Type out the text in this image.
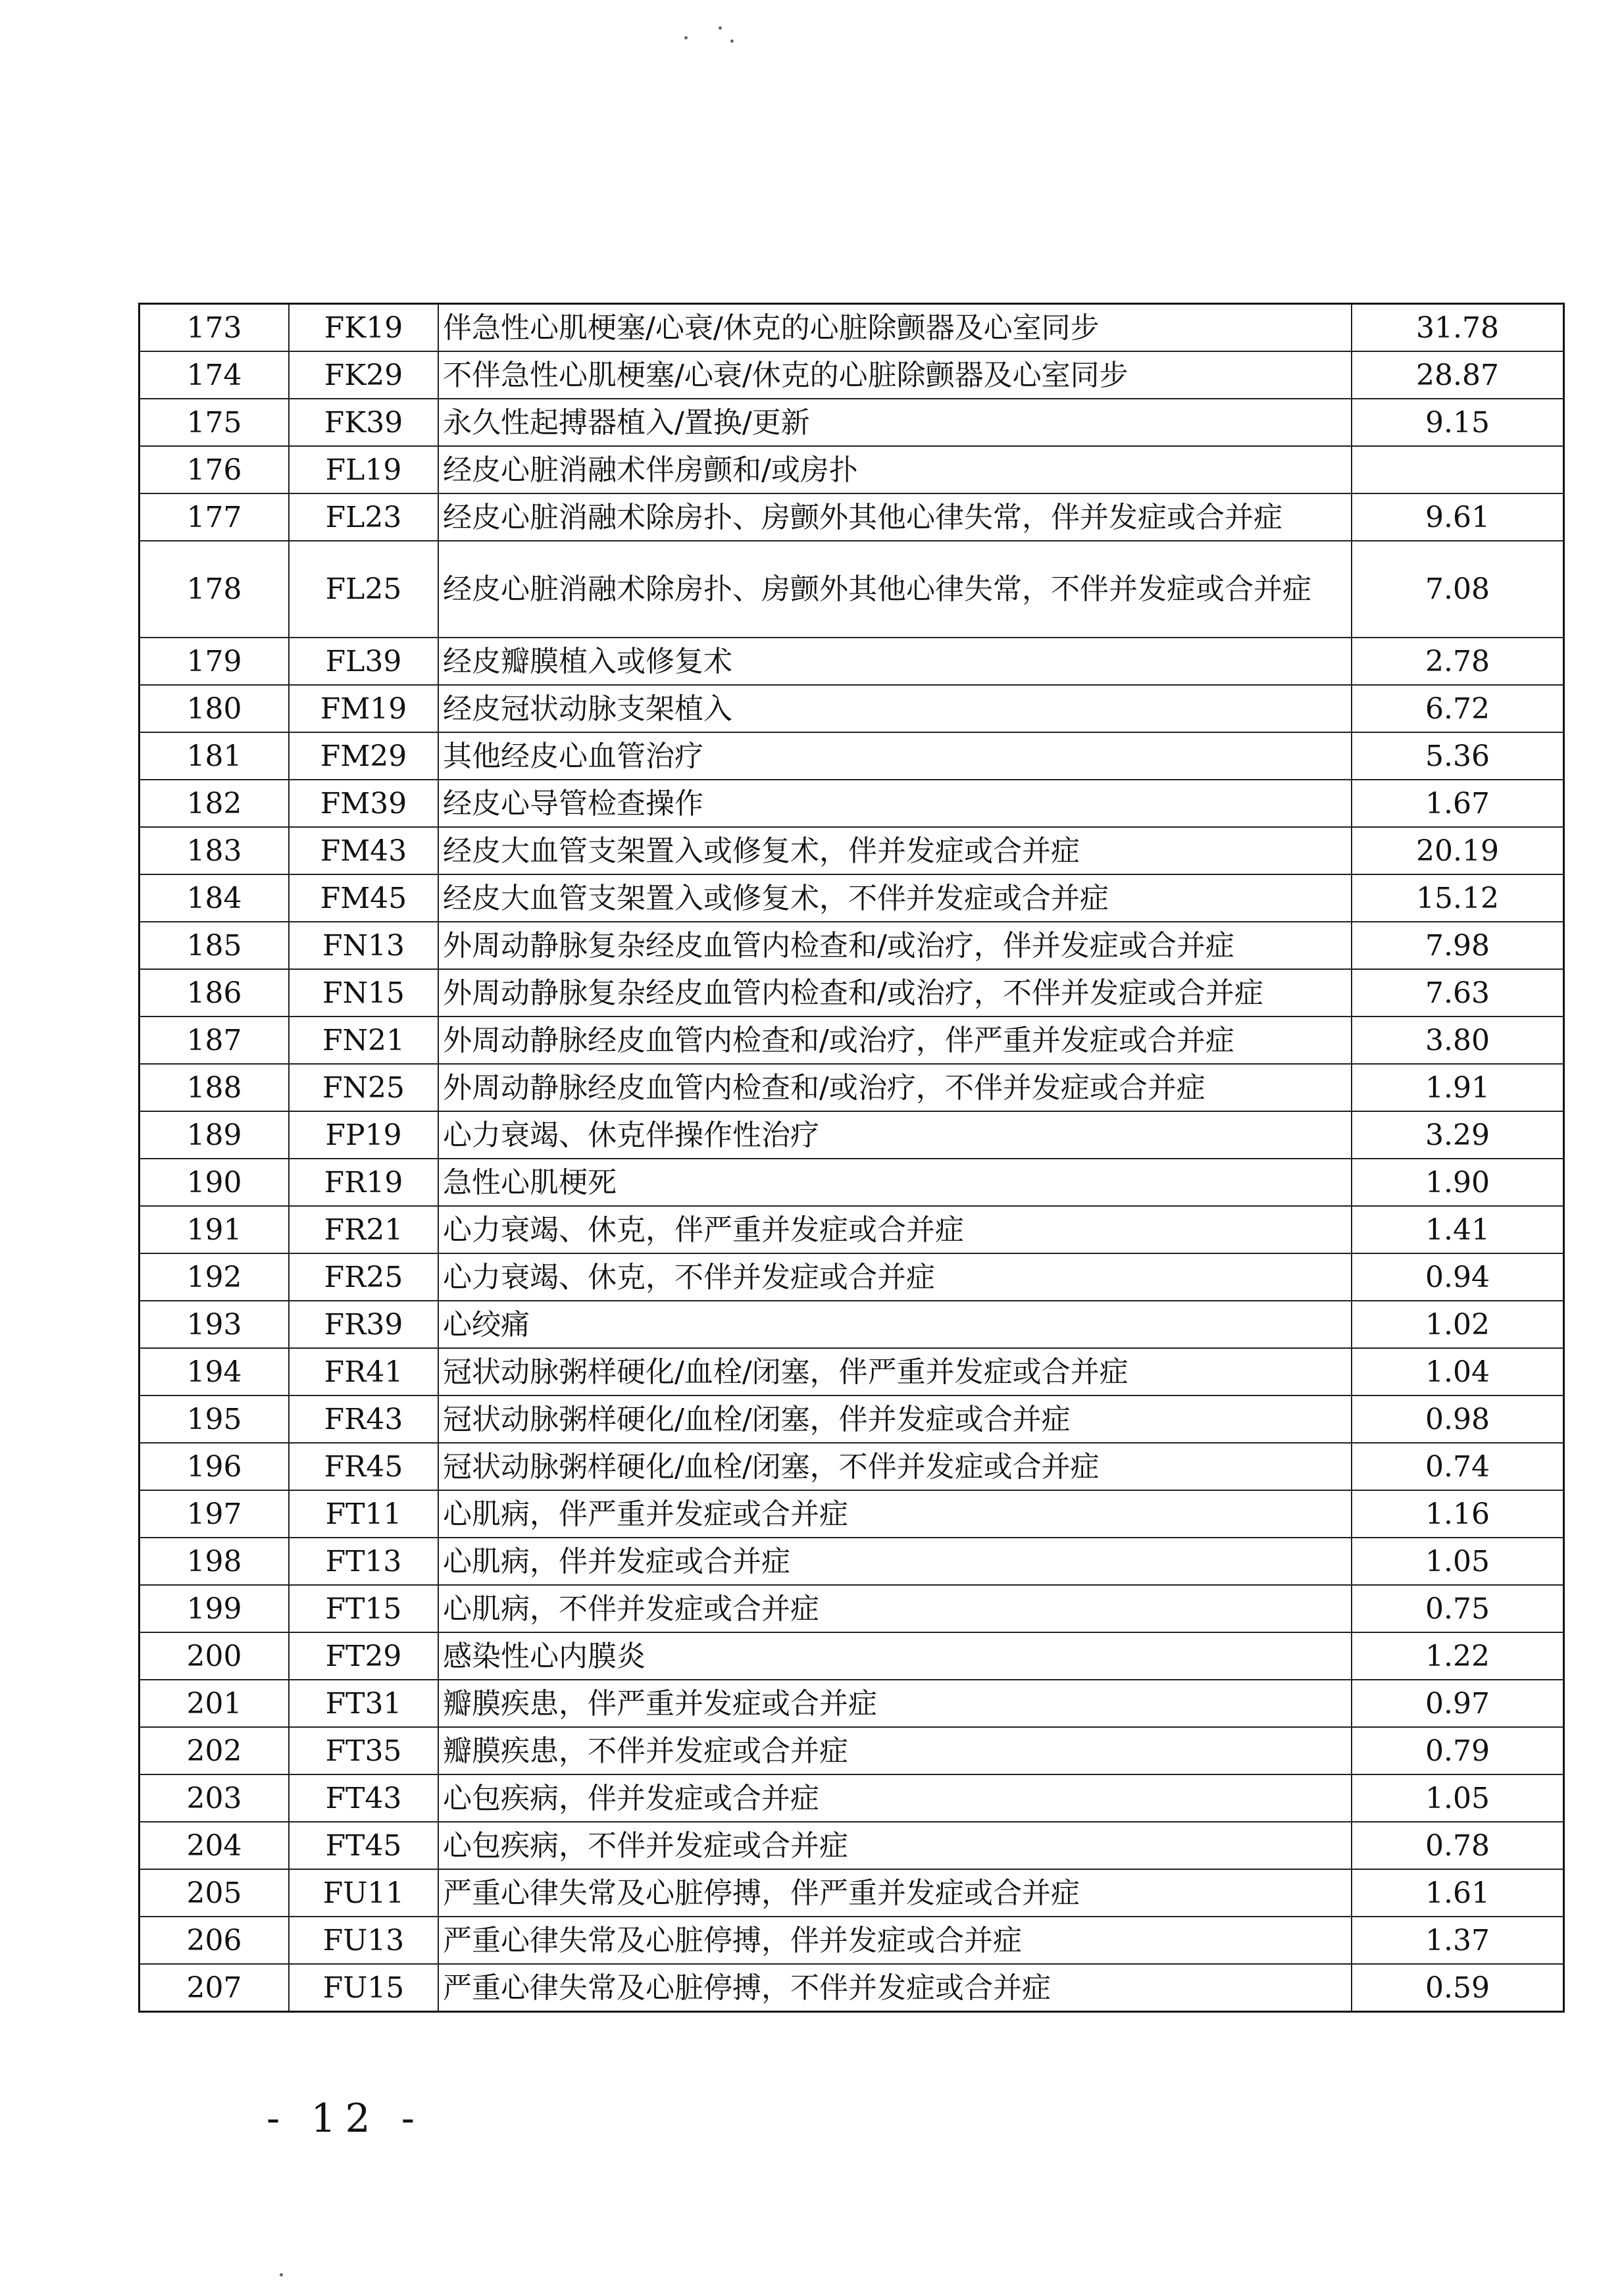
173	FK19	伴急性心肌梗塞/心衰/休克的心脏除颤器及心室同步	31.78
174	FK29	不伴急性心肌梗塞/心衰/休克的心脏除颤器及心室同步	28.87
175	FK39	永久性起搏器植入/置换/更新	9.15
176	FL19	经皮心脏消融术伴房颤和/或房扑	
177	FL23	经皮心脏消融术除房扑、房颤外其他心律失常，伴并发症或合并症	9.61
178	FL25	经皮心脏消融术除房扑、房颤外其他心律失常，不伴并发症或合并症	7.08
179	FL39	经皮瓣膜植入或修复术	2.78
180	FM19	经皮冠状动脉支架植入	6.72
181	FM29	其他经皮心血管治疗	5.36
182	FM39	经皮心导管检查操作	1.67
183	FM43	经皮大血管支架置入或修复术，伴并发症或合并症	20.19
184	FM45	经皮大血管支架置入或修复术，不伴并发症或合并症	15.12
185	FN13	外周动静脉复杂经皮血管内检查和/或治疗，伴并发症或合并症	7.98
186	FN15	外周动静脉复杂经皮血管内检查和/或治疗，不伴并发症或合并症	7.63
187	FN21	外周动静脉经皮血管内检查和/或治疗，伴严重并发症或合并症	3.80
188	FN25	外周动静脉经皮血管内检查和/或治疗，不伴并发症或合并症	1.91
189	FP19	心力衰竭、休克伴操作性治疗	3.29
190	FR19	急性心肌梗死	1.90
191	FR21	心力衰竭、休克，伴严重并发症或合并症	1.41
192	FR25	心力衰竭、休克，不伴并发症或合并症	0.94
193	FR39	心绞痛	1.02
194	FR41	冠状动脉粥样硬化/血栓/闭塞，伴严重并发症或合并症	1.04
195	FR43	冠状动脉粥样硬化/血栓/闭塞，伴并发症或合并症	0.98
196	FR45	冠状动脉粥样硬化/血栓/闭塞，不伴并发症或合并症	0.74
197	FT11	心肌病，伴严重并发症或合并症	1.16
198	FT13	心肌病，伴并发症或合并症	1.05
199	FT15	心肌病，不伴并发症或合并症	0.75
200	FT29	感染性心内膜炎	1.22
201	FT31	瓣膜疾患，伴严重并发症或合并症	0.97
202	FT35	瓣膜疾患，不伴并发症或合并症	0.79
203	FT43	心包疾病，伴并发症或合并症	1.05
204	FT45	心包疾病，不伴并发症或合并症	0.78
205	FU11	严重心律失常及心脏停搏，伴严重并发症或合并症	1.61
206	FU13	严重心律失常及心脏停搏，伴并发症或合并症	1.37
207	FU15	严重心律失常及心脏停搏，不伴并发症或合并症	0.59
- 12 -
